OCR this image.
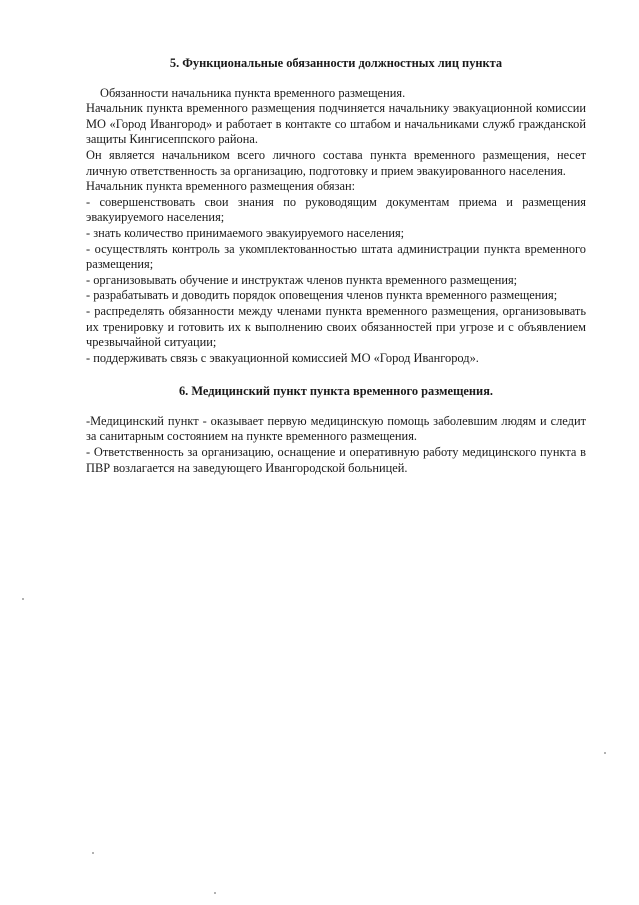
5. Функциональные обязанности должностных лиц пункта

Обязанности начальника пункта временного размещения.

Начальник пункта временного размещения подчиняется начальнику эвакуационной комиссии МО «Город Ивангород» и работает в контакте со штабом и начальниками служб гражданской защиты Кингисеппского района.

Он является начальником всего личного состава пункта временного размещения, несет личную ответственность за организацию, подготовку и прием эвакуированного населения.

Начальник пункта временного размещения обязан:

- совершенствовать свои знания по руководящим документам приема и размещения эвакуируемого населения;

- знать количество принимаемого эвакуируемого населения;

- осуществлять контроль за укомплектованностью штата администрации пункта временного размещения;

- организовывать обучение и инструктаж членов пункта временного размещения;

- разрабатывать и доводить порядок оповещения членов пункта временного размещения;

- распределять обязанности между членами пункта временного размещения, организовывать их тренировку и готовить их к выполнению своих обязанностей при угрозе и с объявлением чрезвычайной ситуации;

- поддерживать связь с эвакуационной комиссией МО «Город Ивангород».

6. Медицинский пункт пункта временного размещения.

-Медицинский пункт - оказывает первую медицинскую помощь заболевшим людям и следит за санитарным состоянием на пункте временного размещения.

- Ответственность за организацию, оснащение и оперативную работу медицинского пункта в ПВР возлагается на заведующего Ивангородской больницей.
